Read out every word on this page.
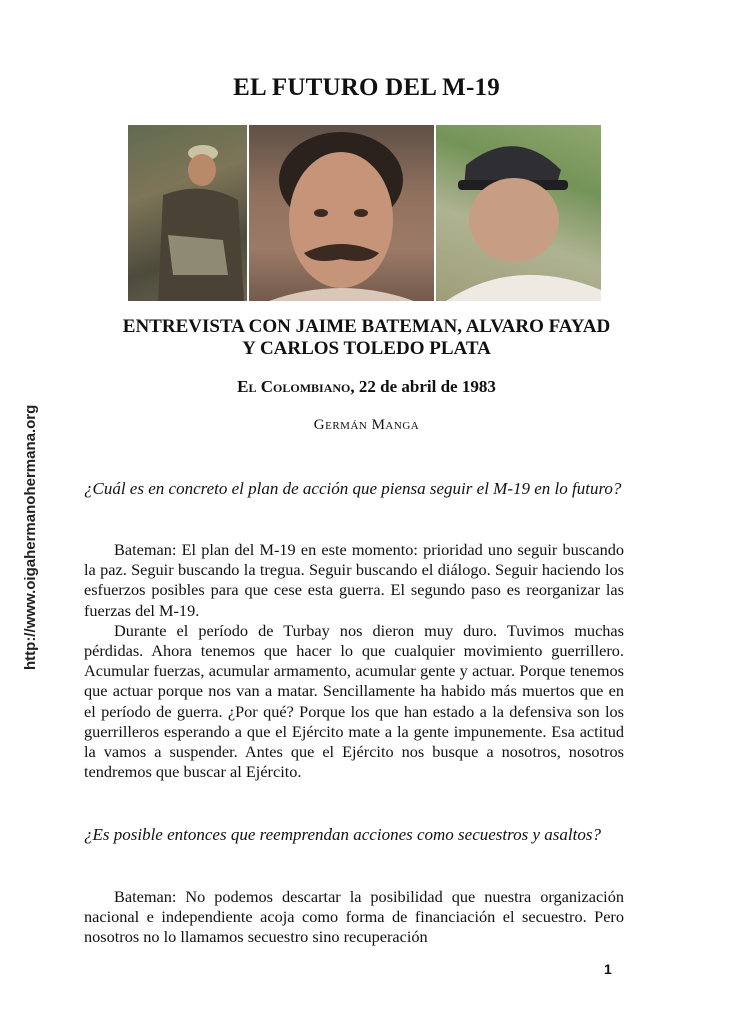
http://www.oigahermanohermana.org
EL FUTURO DEL M-19
ENTREVISTA CON JAIME BATEMAN, ALVARO FAYAD
Y CARLOS TOLEDO PLATA
El Colombiano, 22 de abril de 1983
Germán Manga
¿Cuál es en concreto el plan de acción que piensa seguir el M-19 en lo futuro?

Bateman: El plan del M-19 en este momento: prioridad uno seguir buscando la paz. Seguir buscando la tregua. Seguir buscando el diálogo. Seguir haciendo los esfuerzos posibles para que cese esta guerra. El segundo paso es reorganizar las fuerzas del M-19.

Durante el período de Turbay nos dieron muy duro. Tuvimos muchas pérdidas. Ahora tenemos que hacer lo que cualquier movimiento guerrillero. Acumular fuerzas, acumular armamento, acumular gente y actuar. Porque tenemos que actuar porque nos van a matar. Sencillamente ha habido más muertos que en el período de guerra. ¿Por qué? Porque los que han estado a la defensiva son los guerrilleros esperando a que el Ejército mate a la gente impunemente. Esa actitud la vamos a suspender. Antes que el Ejército nos busque a nosotros, nosotros tendremos que buscar al Ejército.

¿Es posible entonces que reemprendan acciones como secuestros y asaltos?

Bateman: No podemos descartar la posibilidad que nuestra organización nacional e independiente acoja como forma de financiación el secuestro. Pero nosotros no lo llamamos secuestro sino recuperación

1
